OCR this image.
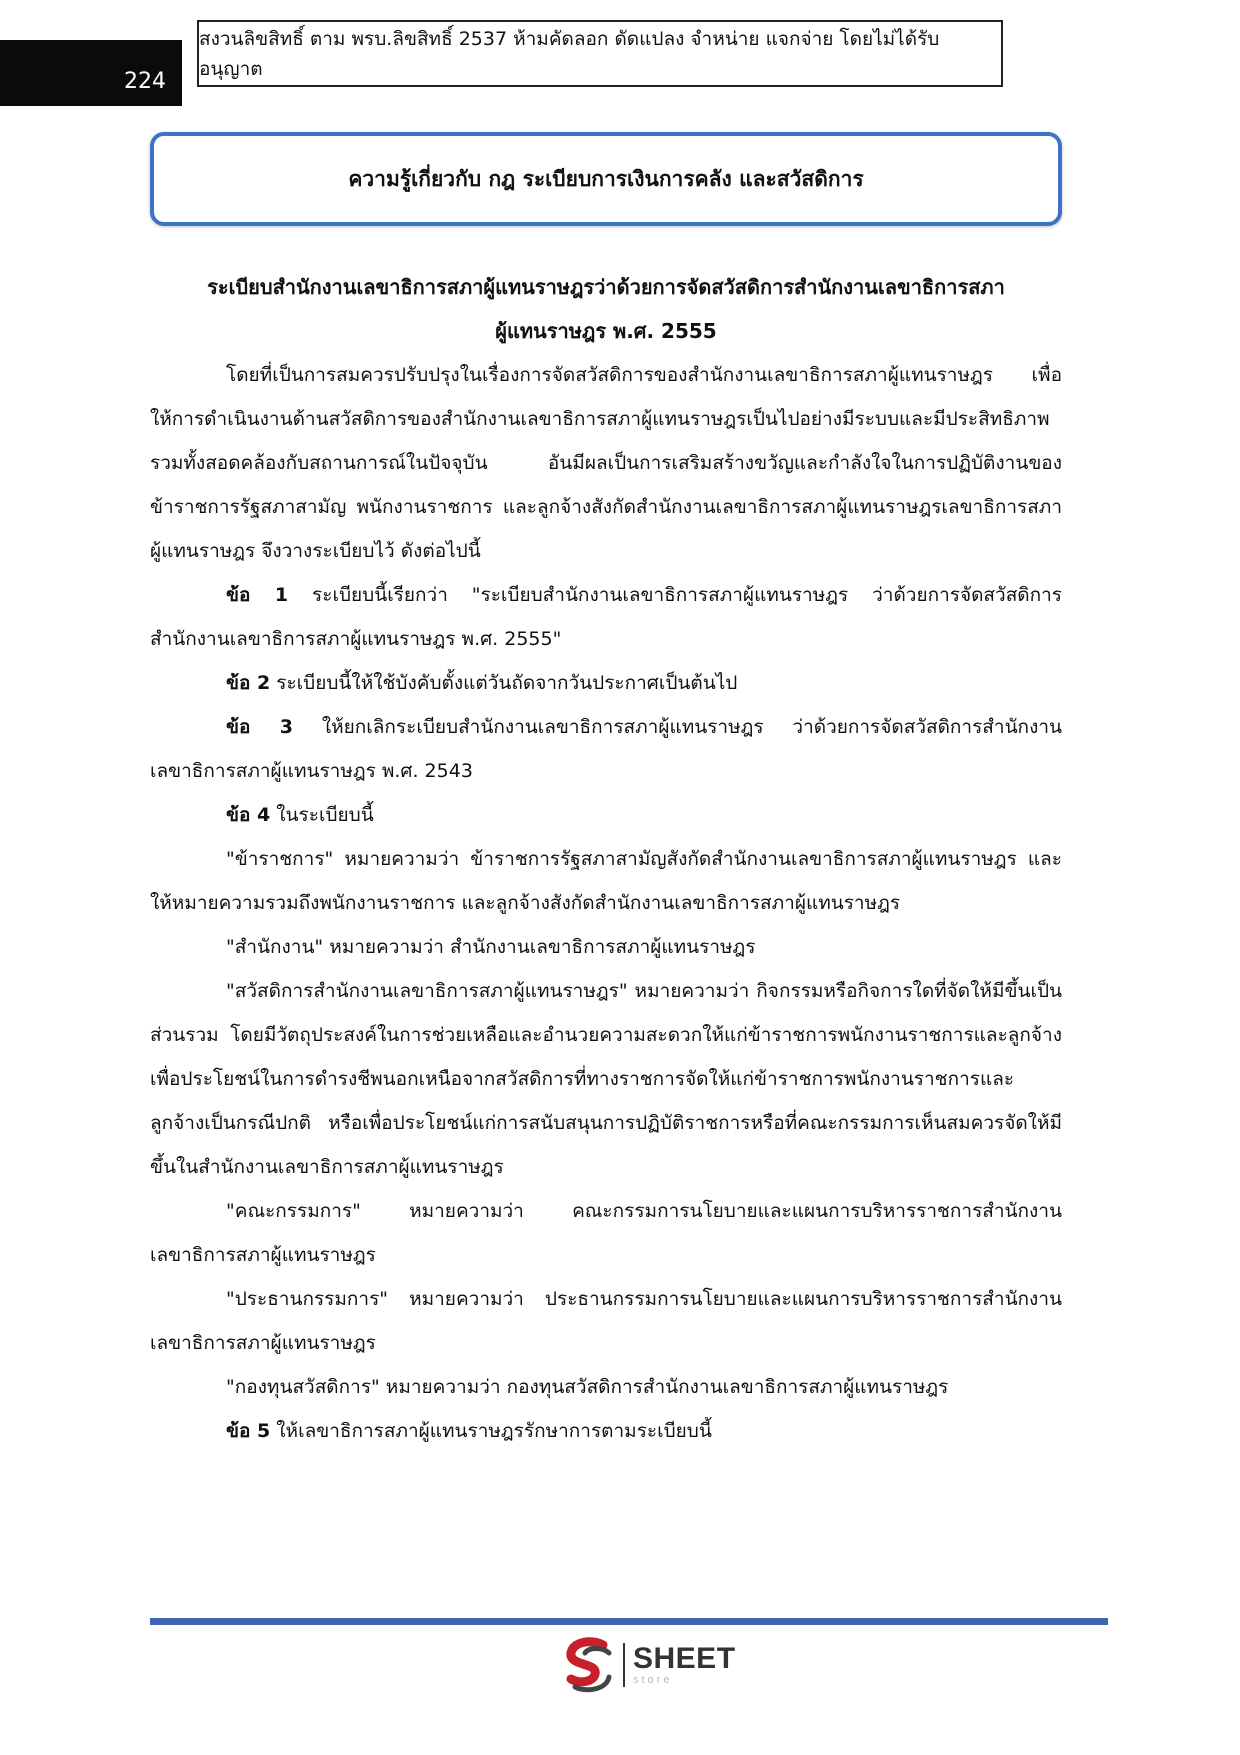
224
สงวนลิขสิทธิ์ ตาม พรบ.ลิขสิทธิ์ 2537 ห้ามคัดลอก ดัดแปลง จำหน่าย แจกจ่าย โดยไม่ได้รับอนุญาต
ความรู้เกี่ยวกับ กฎ ระเบียบการเงินการคลัง และสวัสดิการ
ระเบียบสำนักงานเลขาธิการสภาผู้แทนราษฎรว่าด้วยการจัดสวัสดิการสำนักงานเลขาธิการสภา
ผู้แทนราษฎร พ.ศ. 2555

โดยที่เป็นการสมควรปรับปรุงในเรื่องการจัดสวัสดิการของสำนักงานเลขาธิการสภาผู้แทนราษฎร เพื่อให้การดำเนินงานด้านสวัสดิการของสำนักงานเลขาธิการสภาผู้แทนราษฎรเป็นไปอย่างมีระบบและมีประสิทธิภาพ รวมทั้งสอดคล้องกับสถานการณ์ในปัจจุบัน อันมีผลเป็นการเสริมสร้างขวัญและกำลังใจในการปฏิบัติงานของข้าราชการรัฐสภาสามัญ พนักงานราชการ และลูกจ้างสังกัดสำนักงานเลขาธิการสภาผู้แทนราษฎรเลขาธิการสภาผู้แทนราษฎร จึงวางระเบียบไว้ ดังต่อไปนี้

ข้อ 1 ระเบียบนี้เรียกว่า "ระเบียบสำนักงานเลขาธิการสภาผู้แทนราษฎร ว่าด้วยการจัดสวัสดิการสำนักงานเลขาธิการสภาผู้แทนราษฎร พ.ศ. 2555"

ข้อ 2 ระเบียบนี้ให้ใช้บังคับตั้งแต่วันถัดจากวันประกาศเป็นต้นไป

ข้อ 3 ให้ยกเลิกระเบียบสำนักงานเลขาธิการสภาผู้แทนราษฎร ว่าด้วยการจัดสวัสดิการสำนักงานเลขาธิการสภาผู้แทนราษฎร พ.ศ. 2543

ข้อ 4 ในระเบียบนี้

"ข้าราชการ" หมายความว่า ข้าราชการรัฐสภาสามัญสังกัดสำนักงานเลขาธิการสภาผู้แทนราษฎร และให้หมายความรวมถึงพนักงานราชการ และลูกจ้างสังกัดสำนักงานเลขาธิการสภาผู้แทนราษฎร

"สำนักงาน" หมายความว่า สำนักงานเลขาธิการสภาผู้แทนราษฎร

"สวัสดิการสำนักงานเลขาธิการสภาผู้แทนราษฎร" หมายความว่า กิจกรรมหรือกิจการใดที่จัดให้มีขึ้นเป็นส่วนรวม โดยมีวัตถุประสงค์ในการช่วยเหลือและอำนวยความสะดวกให้แก่ข้าราชการพนักงานราชการและลูกจ้างเพื่อประโยชน์ในการดำรงชีพนอกเหนือจากสวัสดิการที่ทางราชการจัดให้แก่ข้าราชการพนักงานราชการและลูกจ้างเป็นกรณีปกติ หรือเพื่อประโยชน์แก่การสนับสนุนการปฏิบัติราชการหรือที่คณะกรรมการเห็นสมควรจัดให้มีขึ้นในสำนักงานเลขาธิการสภาผู้แทนราษฎร

"คณะกรรมการ" หมายความว่า คณะกรรมการนโยบายและแผนการบริหารราชการสำนักงานเลขาธิการสภาผู้แทนราษฎร

"ประธานกรรมการ" หมายความว่า ประธานกรรมการนโยบายและแผนการบริหารราชการสำนักงานเลขาธิการสภาผู้แทนราษฎร

"กองทุนสวัสดิการ" หมายความว่า กองทุนสวัสดิการสำนักงานเลขาธิการสภาผู้แทนราษฎร

ข้อ 5 ให้เลขาธิการสภาผู้แทนราษฎรรักษาการตามระเบียบนี้

SHEET
store
